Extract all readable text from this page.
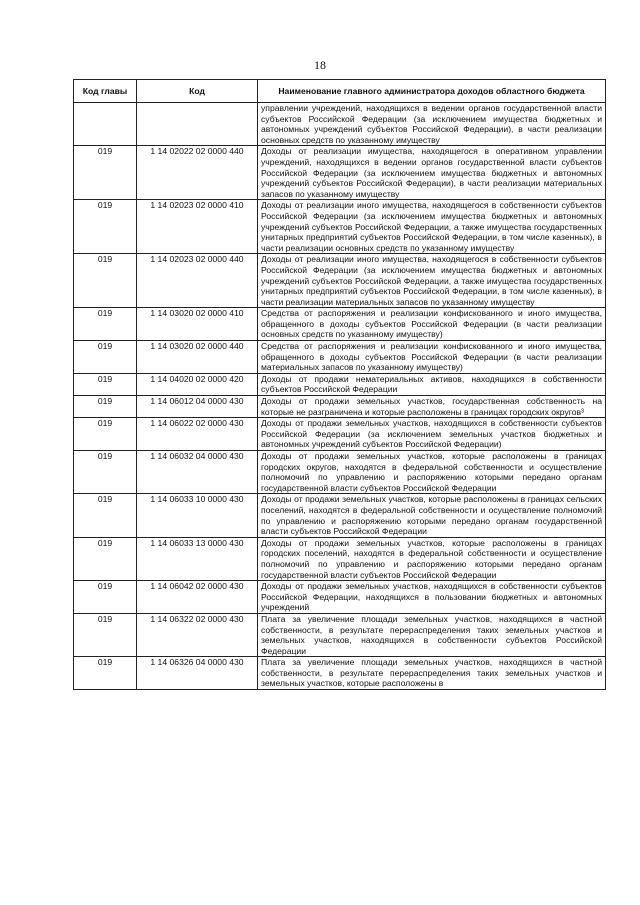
18
Код главы	Код	Наименование главного администратора доходов областного бюджета
		управлении учреждений, находящихся в ведении органов государственной власти субъектов Российской Федерации (за исключением имущества бюджетных и автономных учреждений субъектов Российской Федерации), в части реализации основных средств по указанному имуществу
019	1 14 02022 02 0000 440	Доходы от реализации имущества, находящегося в оперативном управлении учреждений, находящихся в ведении органов государственной власти субъектов Российской Федерации (за исключением имущества бюджетных и автономных учреждений субъектов Российской Федерации), в части реализации материальных запасов по указанному имуществу
019	1 14 02023 02 0000 410	Доходы от реализации иного имущества, находящегося в собственности субъектов Российской Федерации (за исключением имущества бюджетных и автономных учреждений субъектов Российской Федерации, а также имущества государственных унитарных предприятий субъектов Российской Федерации, в том числе казенных), в части реализации основных средств по указанному имуществу
019	1 14 02023 02 0000 440	Доходы от реализации иного имущества, находящегося в собственности субъектов Российской Федерации (за исключением имущества бюджетных и автономных учреждений субъектов Российской Федерации, а также имущества государственных унитарных предприятий субъектов Российской Федерации, в том числе казенных), в части реализации материальных запасов по указанному имуществу
019	1 14 03020 02 0000 410	Средства от распоряжения и реализации конфискованного и иного имущества, обращенного в доходы субъектов Российской Федерации (в части реализации основных средств по указанному имуществу)
019	1 14 03020 02 0000 440	Средства от распоряжения и реализации конфискованного и иного имущества, обращенного в доходы субъектов Российской Федерации (в части реализации материальных запасов по указанному имуществу)
019	1 14 04020 02 0000 420	Доходы от продажи нематериальных активов, находящихся в собственности субъектов Российской Федерации
019	1 14 06012 04 0000 430	Доходы от продажи земельных участков, государственная собственность на которые не разграничена и которые расположены в границах городских округов³
019	1 14 06022 02 0000 430	Доходы от продажи земельных участков, находящихся в собственности субъектов Российской Федерации (за исключением земельных участков бюджетных и автономных учреждений субъектов Российской Федерации)
019	1 14 06032 04 0000 430	Доходы от продажи земельных участков, которые расположены в границах городских округов, находятся в федеральной собственности и осуществление полномочий по управлению и распоряжению которыми передано органам государственной власти субъектов Российской Федерации
019	1 14 06033 10 0000 430	Доходы от продажи земельных участков, которые расположены в границах сельских поселений, находятся в федеральной собственности и осуществление полномочий по управлению и распоряжению которыми передано органам государственной власти субъектов Российской Федерации
019	1 14 06033 13 0000 430	Доходы от продажи земельных участков, которые расположены в границах городских поселений, находятся в федеральной собственности и осуществление полномочий по управлению и распоряжению которыми передано органам государственной власти субъектов Российской Федерации
019	1 14 06042 02 0000 430	Доходы от продажи земельных участков, находящихся в собственности субъектов Российской Федерации, находящихся в пользовании бюджетных и автономных учреждений
019	1 14 06322 02 0000 430	Плата за увеличение площади земельных участков, находящихся в частной собственности, в результате перераспределения таких земельных участков и земельных участков, находящихся в собственности субъектов Российской Федерации
019	1 14 06326 04 0000 430	Плата за увеличение площади земельных участков, находящихся в частной собственности, в результате перераспределения таких земельных участков и земельных участков, которые расположены в
